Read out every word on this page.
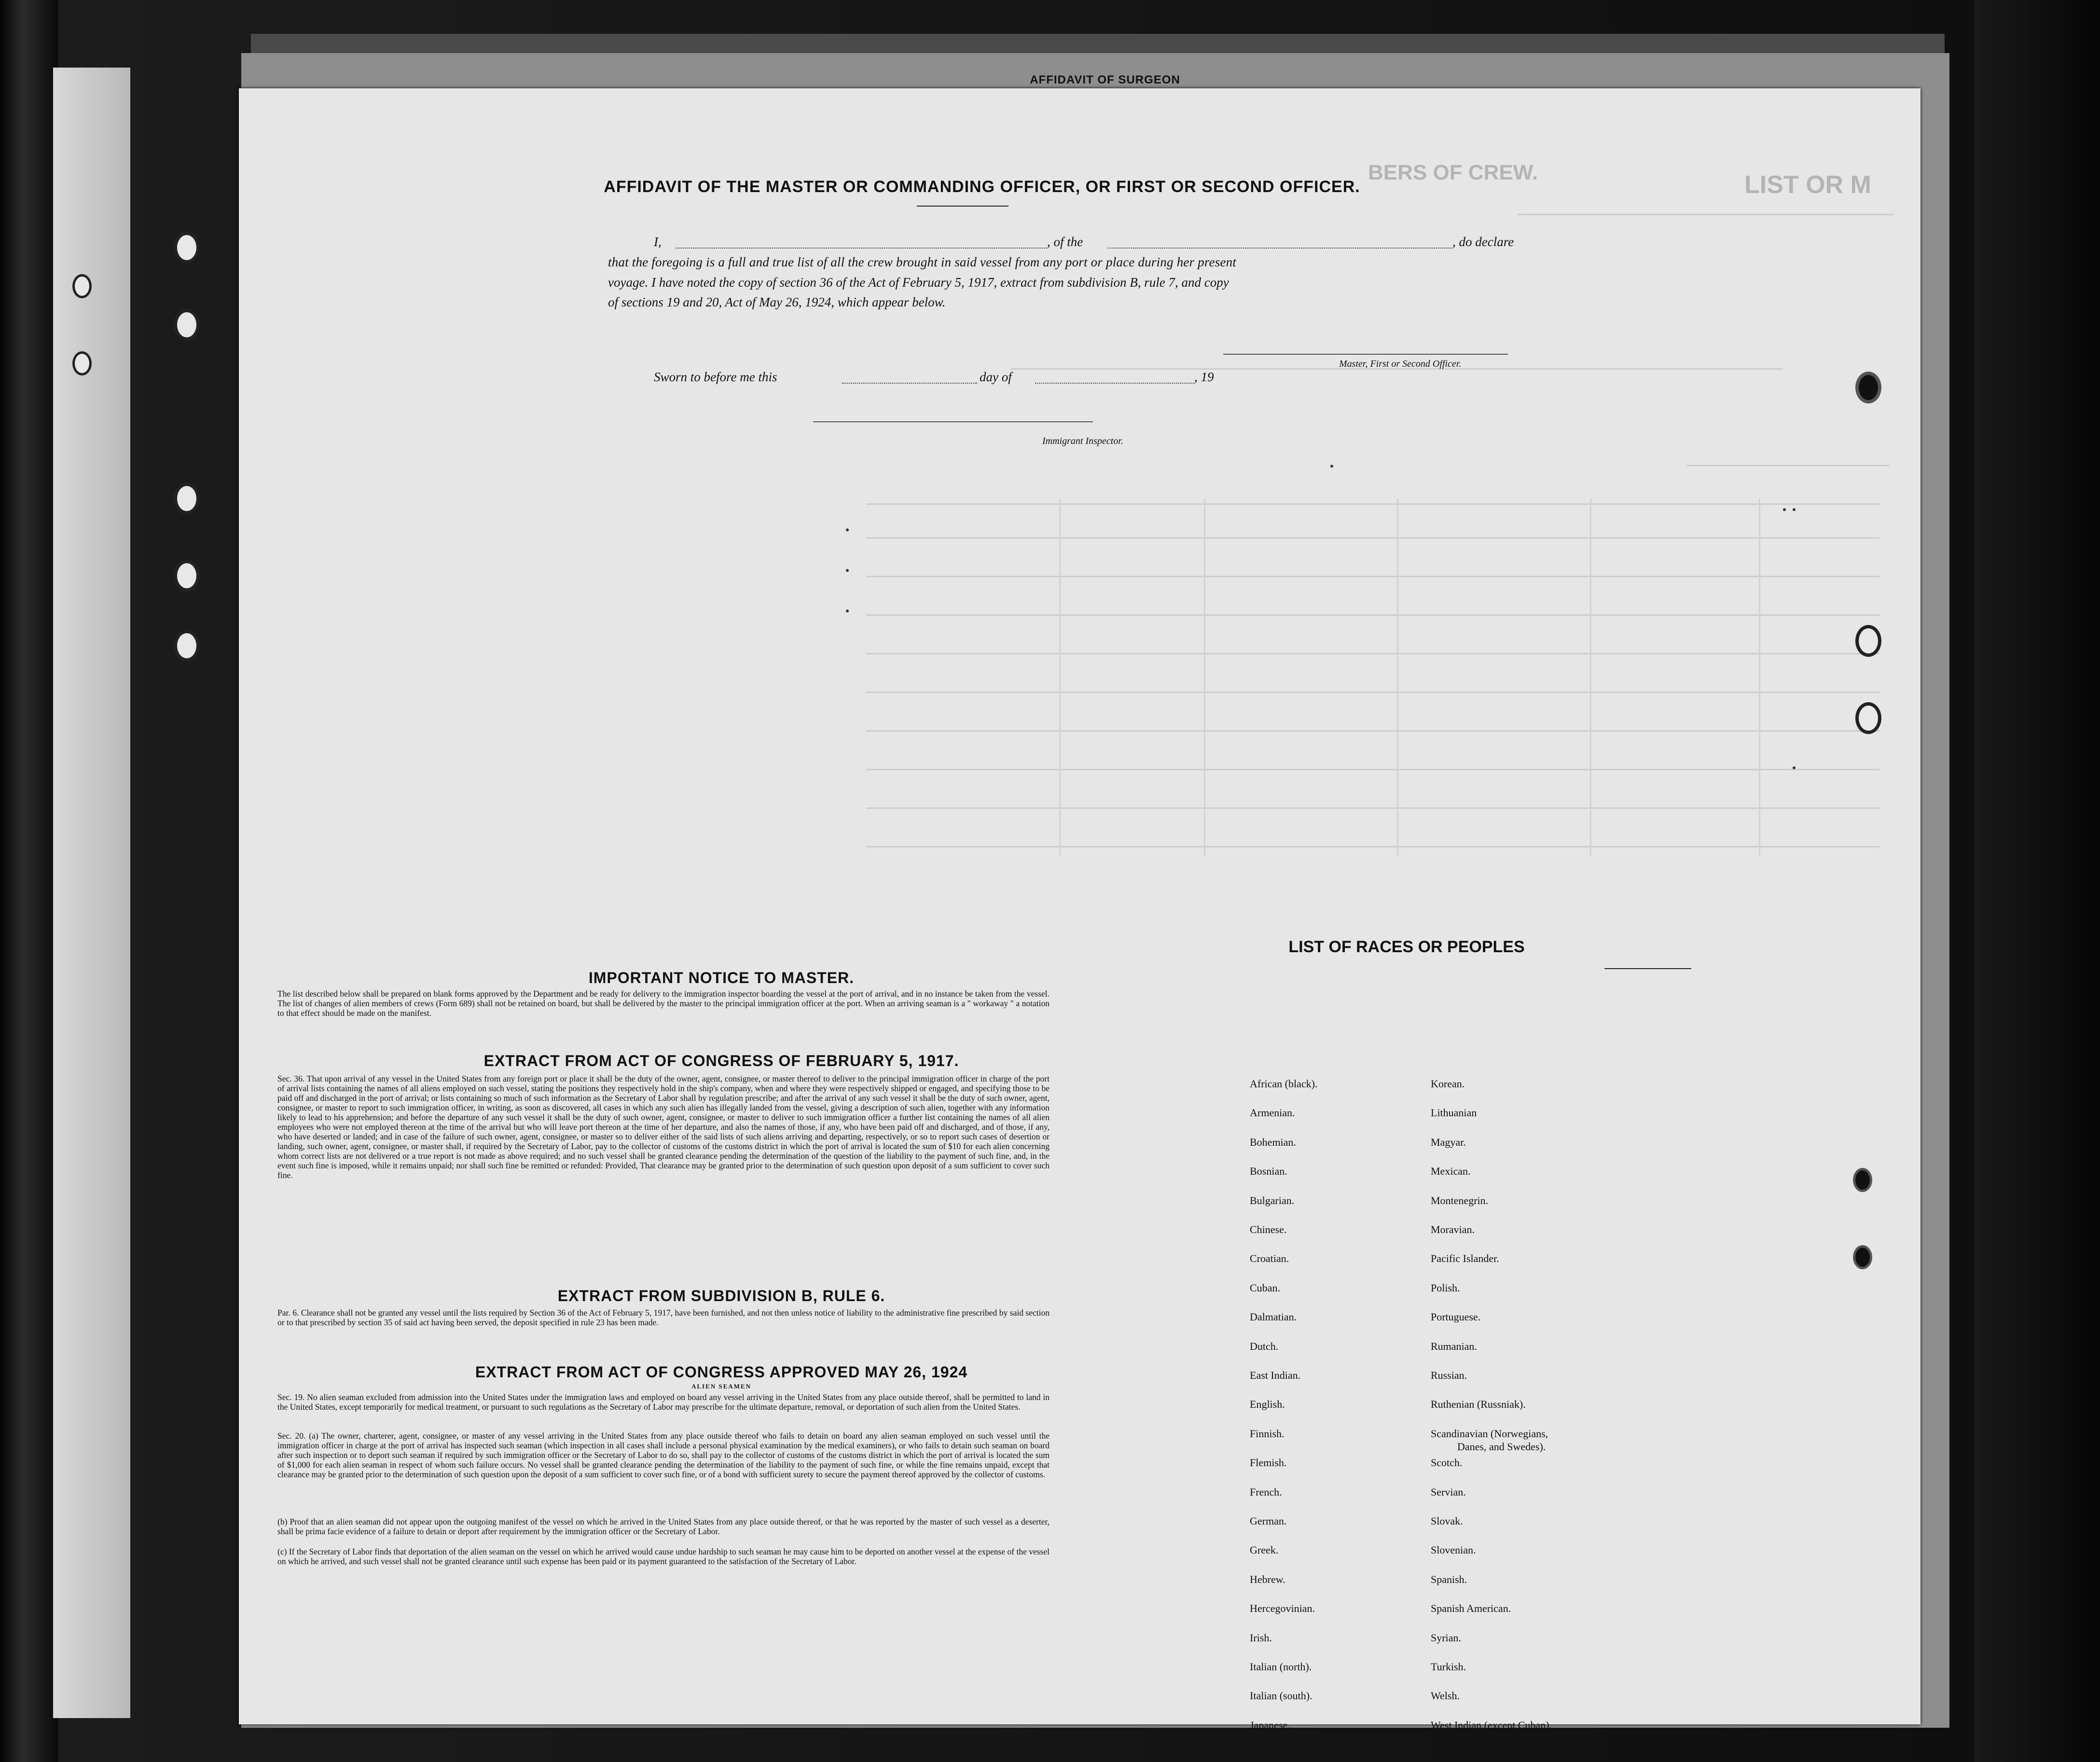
AFFIDAVIT OF SURGEON
LIST OR M
BERS OF CREW.
AFFIDAVIT OF THE MASTER OR COMMANDING OFFICER, OR FIRST OR SECOND OFFICER.
I,	, of the	, do declare
that the foregoing is a full and true list of all the crew brought in said vessel from any port or place during her present
voyage. I have noted the copy of section 36 of the Act of February 5, 1917, extract from subdivision B, rule 7, and copy
of sections 19 and 20, Act of May 26, 1924, which appear below.
Master, First or Second Officer.
Sworn to before me this	day of	, 19
Immigrant Inspector.
IMPORTANT NOTICE TO MASTER.
The list described below shall be prepared on blank forms approved by the Department and be ready for delivery to the immigration inspector boarding the vessel at the port of arrival, and in no instance be taken from the vessel. The list of changes of alien members of crews (Form 689) shall not be retained on board, but shall be delivered by the master to the principal immigration officer at the port. When an arriving seaman is a " workaway " a notation to that effect should be made on the manifest.
EXTRACT FROM ACT OF CONGRESS OF FEBRUARY 5, 1917.
Sec. 36. That upon arrival of any vessel in the United States from any foreign port or place it shall be the duty of the owner, agent, consignee, or master thereof to deliver to the principal immigration officer in charge of the port of arrival lists containing the names of all aliens employed on such vessel, stating the positions they respectively hold in the ship's company, when and where they were respectively shipped or engaged, and specifying those to be paid off and discharged in the port of arrival; or lists containing so much of such information as the Secretary of Labor shall by regulation prescribe; and after the arrival of any such vessel it shall be the duty of such owner, agent, consignee, or master to report to such immigration officer, in writing, as soon as discovered, all cases in which any such alien has illegally landed from the vessel, giving a description of such alien, together with any information likely to lead to his apprehension; and before the departure of any such vessel it shall be the duty of such owner, agent, consignee, or master to deliver to such immigration officer a further list containing the names of all alien employees who were not employed thereon at the time of the arrival but who will leave port thereon at the time of her departure, and also the names of those, if any, who have been paid off and discharged, and of those, if any, who have deserted or landed; and in case of the failure of such owner, agent, consignee, or master so to deliver either of the said lists of such aliens arriving and departing, respectively, or so to report such cases of desertion or landing, such owner, agent, consignee, or master shall, if required by the Secretary of Labor, pay to the collector of customs of the customs district in which the port of arrival is located the sum of $10 for each alien concerning whom correct lists are not delivered or a true report is not made as above required; and no such vessel shall be granted clearance pending the determination of the question of the liability to the payment of such fine, and, in the event such fine is imposed, while it remains unpaid; nor shall such fine be remitted or refunded: Provided, That clearance may be granted prior to the determination of such question upon deposit of a sum sufficient to cover such fine.
EXTRACT FROM SUBDIVISION B, RULE 6.
Par. 6. Clearance shall not be granted any vessel until the lists required by Section 36 of the Act of February 5, 1917, have been furnished, and not then unless notice of liability to the administrative fine prescribed by said section or to that prescribed by section 35 of said act having been served, the deposit specified in rule 23 has been made.
EXTRACT FROM ACT OF CONGRESS APPROVED MAY 26, 1924
ALIEN SEAMEN
Sec. 19. No alien seaman excluded from admission into the United States under the immigration laws and employed on board any vessel arriving in the United States from any place outside thereof, shall be permitted to land in the United States, except temporarily for medical treatment, or pursuant to such regulations as the Secretary of Labor may prescribe for the ultimate departure, removal, or deportation of such alien from the United States.
Sec. 20. (a) The owner, charterer, agent, consignee, or master of any vessel arriving in the United States from any place outside thereof who fails to detain on board any alien seaman employed on such vessel until the immigration officer in charge at the port of arrival has inspected such seaman (which inspection in all cases shall include a personal physical examination by the medical examiners), or who fails to detain such seaman on board after such inspection or to deport such seaman if required by such immigration officer or the Secretary of Labor to do so, shall pay to the collector of customs of the customs district in which the port of arrival is located the sum of $1,000 for each alien seaman in respect of whom such failure occurs. No vessel shall be granted clearance pending the determination of the liability to the payment of such fine, or while the fine remains unpaid, except that clearance may be granted prior to the determination of such question upon the deposit of a sum sufficient to cover such fine, or of a bond with sufficient surety to secure the payment thereof approved by the collector of customs.
(b) Proof that an alien seaman did not appear upon the outgoing manifest of the vessel on which he arrived in the United States from any place outside thereof, or that he was reported by the master of such vessel as a deserter, shall be prima facie evidence of a failure to detain or deport after requirement by the immigration officer or the Secretary of Labor.
(c) If the Secretary of Labor finds that deportation of the alien seaman on the vessel on which he arrived would cause undue hardship to such seaman he may cause him to be deported on another vessel at the expense of the vessel on which he arrived, and such vessel shall not be granted clearance until such expense has been paid or its payment guaranteed to the satisfaction of the Secretary of Labor.
LIST OF RACES OR PEOPLES
African (black).
Armenian.
Bohemian.
Bosnian.
Bulgarian.
Chinese.
Croatian.
Cuban.
Dalmatian.
Dutch.
East Indian.
English.
Finnish.
Flemish.
French.
German.
Greek.
Hebrew.
Hercegovinian.
Irish.
Italian (north).
Italian (south).
Japanese.
Korean.
Lithuanian
Magyar.
Mexican.
Montenegrin.
Moravian.
Pacific Islander.
Polish.
Portuguese.
Rumanian.
Russian.
Ruthenian (Russniak).
Scandinavian (Norwegians,
Danes, and Swedes).
Scotch.
Servian.
Slovak.
Slovenian.
Spanish.
Spanish American.
Syrian.
Turkish.
Welsh.
West Indian (except Cuban).
